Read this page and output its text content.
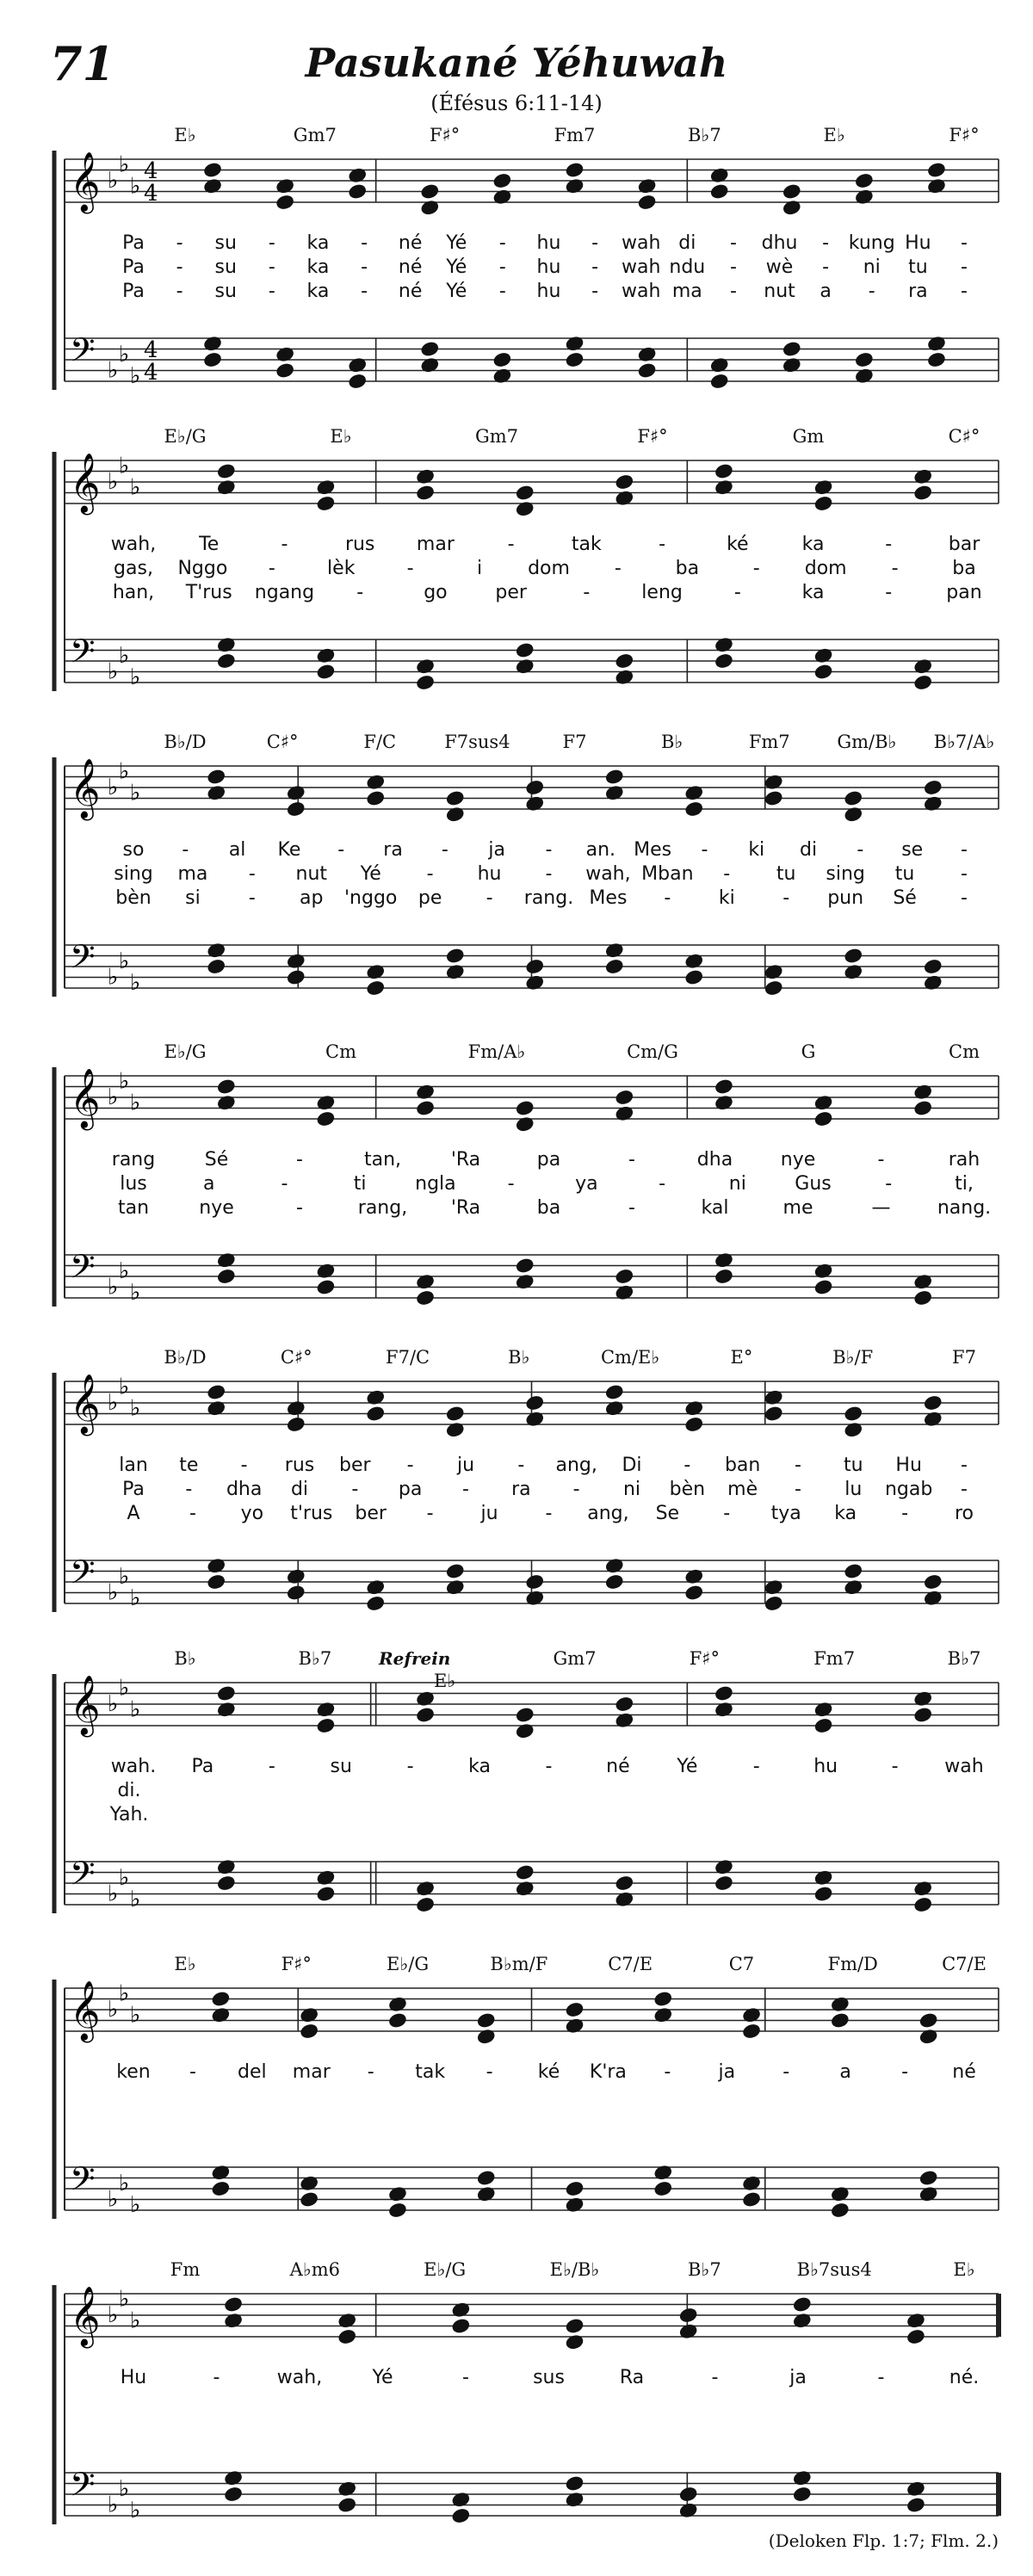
71	Pasukané Yéhuwah
(Éfésus 6:11-14)
𝄞
𝄢
♭
♭
♭
♭
♭
♭
4
4
4
4
𝄞
𝄢
♭
♭
♭
♭
♭
♭
𝄞
𝄢
♭
♭
♭
♭
♭
♭
𝄞
𝄢
♭
♭
♭
♭
♭
♭
𝄞
𝄢
♭
♭
♭
♭
♭
♭
𝄞
𝄢
♭
♭
♭
♭
♭
♭
𝄞
𝄢
♭
♭
♭
♭
♭
♭
𝄞
𝄢
♭
♭
♭
♭
♭
♭
E♭	Gm7	F♯°	Fm7	B♭7	E♭	F♯°
Pa - su - ka - né Yé - hu - wah di - dhu - kung Hu -
Pa - su - ka - né Yé - hu - wah ndu - wè - ni tu -
Pa - su - ka - né Yé - hu - wah ma - nut a - ra -
E♭/G	E♭	Gm7	F♯°	Gm	C♯°
wah, Te	-	rus mar	-	tak	-	ké	ka	-	bar
gas, Nggo -	lèk	-	i dom -	ba	- dom -	ba
han, T'rus ngang -	go	per	-	leng	-	ka	-	pan
B♭/D	C♯°	F/C	F7sus4	F7	B♭	Fm7	Gm/B♭ B♭7/A♭
so - al Ke - ra - ja - an. Mes - ki di - se -
sing ma - nut Yé - hu - wah, Mban - tu sing tu -
bèn si	- ap 'nggo pe - rang. Mes -	ki	- pun Sé -
E♭/G	Cm	Fm/A♭	Cm/G	G	Cm
rang	Sé	-	tan,	'Ra	pa	-	dha	nye	-	rah
lus	a	-	ti	ngla	-	ya	-	ni	Gus	-	ti,
tan	nye	-	rang, 'Ra	ba	-	kal	me	— nang.
B♭/D	C♯°	F7/C	B♭	Cm/E♭	E°	B♭/F	F7
lan te - rus ber - ju - ang, Di - ban - tu Hu -
Pa - dha di - pa - ra - ni bèn mè - lu ngab -
A	- yo t'rus ber - ju - ang, Se - tya ka - ro
B♭	B♭7
E♭
Gm7	F♯°	Fm7	B♭7
Refrein
wah. Pa	-	su	-	ka	-	né Yé	-	hu	- wah
di.
Yah.
E♭	F♯°	E♭/G	B♭m/F	C7/E	C7	Fm/D	C7/E
ken - del mar - tak - ké K'ra -	ja	-	a	- né
Fm	A♭m6	E♭/G	E♭/B♭	B♭7	B♭7sus4	E♭
Hu	-	wah,	Yé	-	sus	Ra	-	ja	-	né.
(Deloken Flp. 1:7; Flm. 2.)
